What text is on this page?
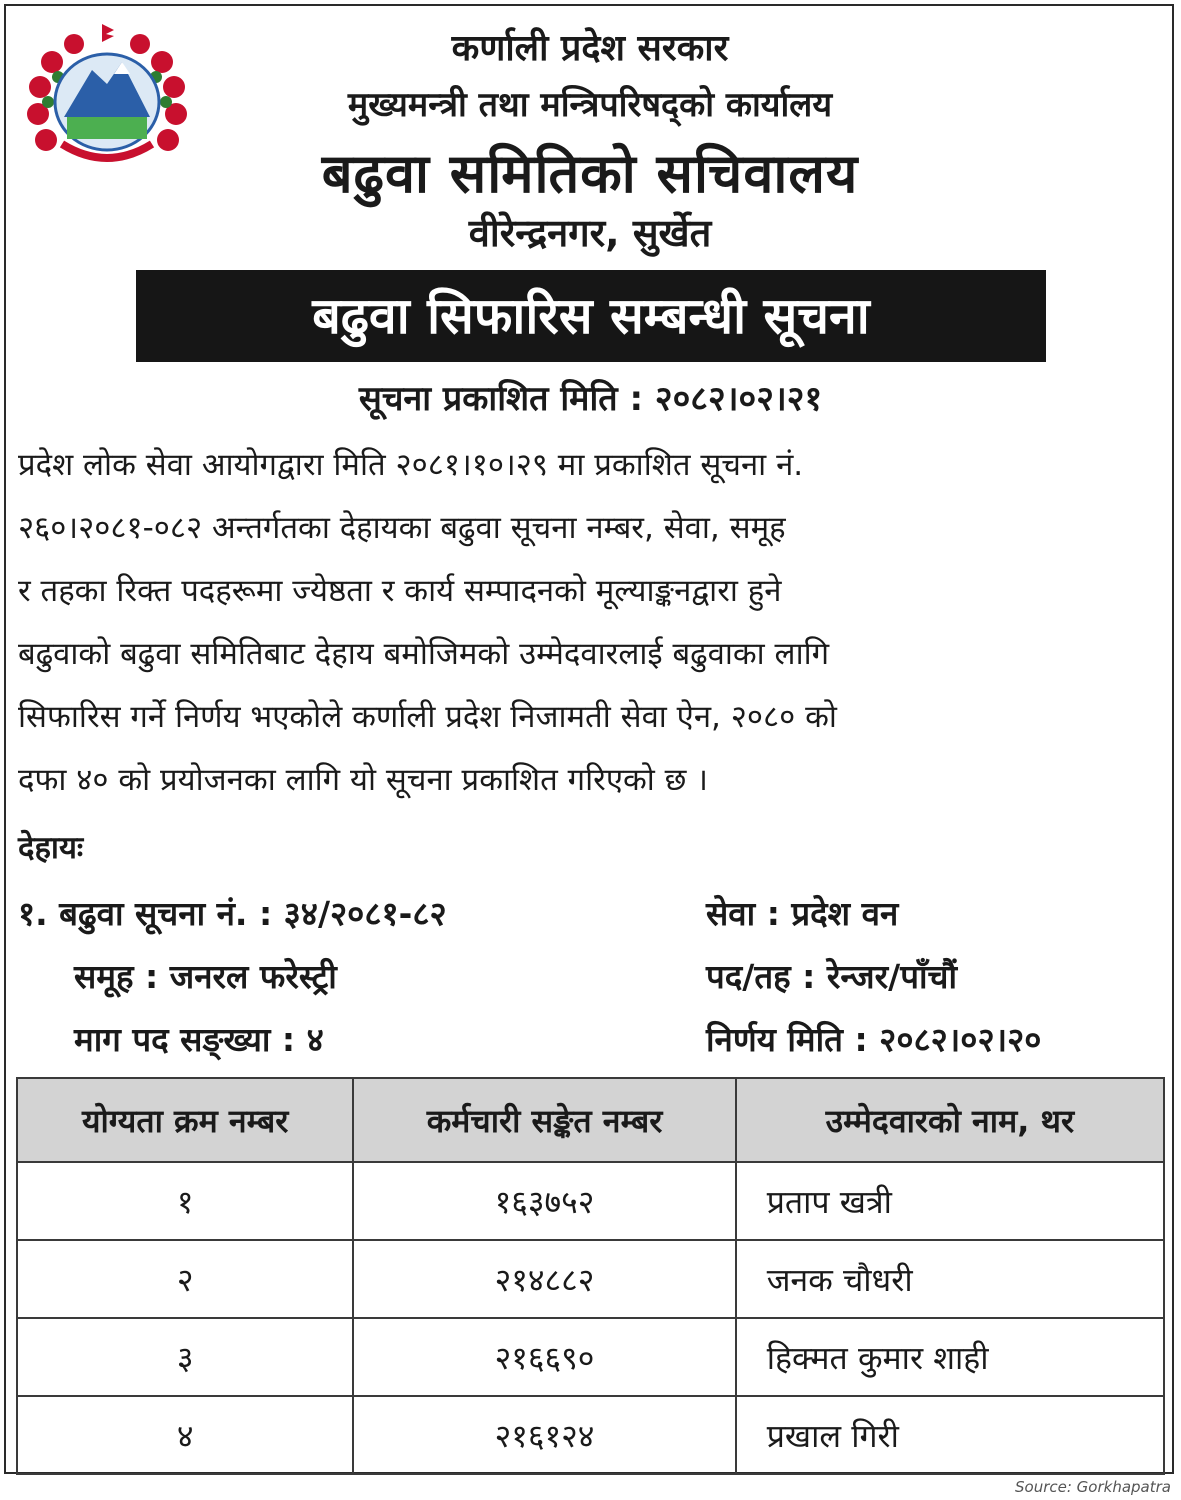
कर्णाली प्रदेश सरकार
मुख्यमन्त्री तथा मन्त्रिपरिषद्को कार्यालय
बढुवा समितिको सचिवालय
वीरेन्द्रनगर, सुर्खेत
बढुवा सिफारिस सम्बन्धी सूचना
सूचना प्रकाशित मिति : २०८२।०२।२१
प्रदेश लोक सेवा आयोगद्वारा मिति २०८१।१०।२९ मा प्रकाशित सूचना नं.
२६०।२०८१-०८२ अन्तर्गतका देहायका बढुवा सूचना नम्बर, सेवा, समूह
र तहका रिक्त पदहरूमा ज्येष्ठता र कार्य सम्पादनको मूल्याङ्कनद्वारा हुने
बढुवाको बढुवा समितिबाट देहाय बमोजिमको उम्मेदवारलाई बढुवाका लागि
सिफारिस गर्ने निर्णय भएकोले कर्णाली प्रदेश निजामती सेवा ऐन, २०८० को
दफा ४० को प्रयोजनका लागि यो सूचना प्रकाशित गरिएको छ ।
देहायः
१. बढुवा सूचना नं. : ३४/२०८१-८२	सेवा : प्रदेश वन
समूह : जनरल फरेस्ट्री	पद/तह : रेन्जर/पाँचौं
माग पद सङ्ख्या : ४	निर्णय मिति : २०८२।०२।२०
योग्यता क्रम नम्बर	कर्मचारी सङ्केत नम्बर	उम्मेदवारको नाम, थर
१	१६३७५२	प्रताप खत्री
२	२१४८८२	जनक चौधरी
३	२१६६९०	हिक्मत कुमार शाही
४	२१६१२४	प्रखाल गिरी
Source: Gorkhapatra
